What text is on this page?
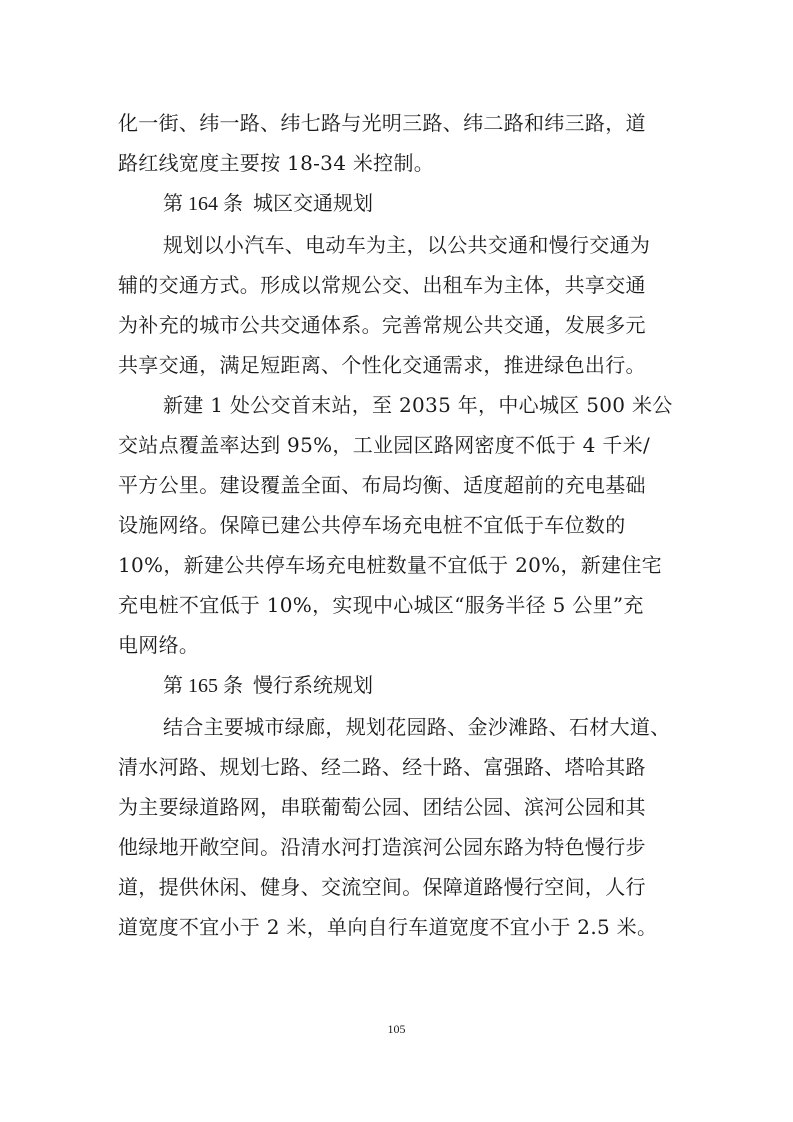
化一街、纬一路、纬七路与光明三路、纬二路和纬三路，道
路红线宽度主要按 18-34 米控制。
第 164 条 城区交通规划
规划以小汽车、电动车为主，以公共交通和慢行交通为
辅的交通方式。形成以常规公交、出租车为主体，共享交通
为补充的城市公共交通体系。完善常规公共交通，发展多元
共享交通，满足短距离、个性化交通需求，推进绿色出行。
新建 1 处公交首末站，至 2035 年，中心城区 500 米公
交站点覆盖率达到 95%，工业园区路网密度不低于 4 千米/
平方公里。建设覆盖全面、布局均衡、适度超前的充电基础
设施网络。保障已建公共停车场充电桩不宜低于车位数的
10%，新建公共停车场充电桩数量不宜低于 20%，新建住宅
充电桩不宜低于 10%，实现中心城区“服务半径 5 公里”充
电网络。
第 165 条 慢行系统规划
结合主要城市绿廊，规划花园路、金沙滩路、石材大道、
清水河路、规划七路、经二路、经十路、富强路、塔哈其路
为主要绿道路网，串联葡萄公园、团结公园、滨河公园和其
他绿地开敞空间。沿清水河打造滨河公园东路为特色慢行步
道，提供休闲、健身、交流空间。保障道路慢行空间，人行
道宽度不宜小于 2 米，单向自行车道宽度不宜小于 2.5 米。
105
